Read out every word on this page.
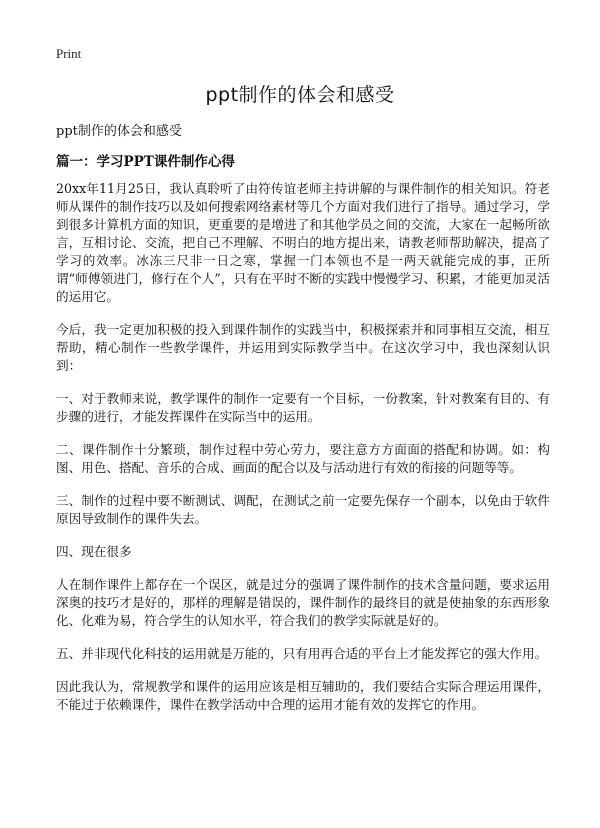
Print
ppt制作的体会和感受

ppt制作的体会和感受

篇一：学习PPT课件制作心得

20xx年11月25日，我认真聆听了由符传谊老师主持讲解的与课件制作的相关知识。符老师从课件的制作技巧以及如何搜索网络素材等几个方面对我们进行了指导。通过学习，学到很多计算机方面的知识，更重要的是增进了和其他学员之间的交流，大家在一起畅所欲言，互相讨论、交流，把自己不理解、不明白的地方提出来，请教老师帮助解决，提高了学习的效率。冰冻三尺非一日之寒，掌握一门本领也不是一两天就能完成的事，正所谓“师傅领进门，修行在个人”，只有在平时不断的实践中慢慢学习、积累，才能更加灵活的运用它。

今后，我一定更加积极的投入到课件制作的实践当中，积极探索并和同事相互交流，相互帮助，精心制作一些教学课件，并运用到实际教学当中。在这次学习中，我也深刻认识到：

一、对于教师来说，教学课件的制作一定要有一个目标，一份教案，针对教案有目的、有步骤的进行，才能发挥课件在实际当中的运用。

二、课件制作十分繁琐，制作过程中劳心劳力，要注意方方面面的搭配和协调。如：构图、用色、搭配、音乐的合成、画面的配合以及与活动进行有效的衔接的问题等等。

三、制作的过程中要不断测试、调配，在测试之前一定要先保存一个副本，以免由于软件原因导致制作的课件失去。

四、现在很多

人在制作课件上都存在一个误区，就是过分的强调了课件制作的技术含量问题，要求运用深奥的技巧才是好的，那样的理解是错误的，课件制作的最终目的就是使抽象的东西形象化、化难为易，符合学生的认知水平，符合我们的教学实际就是好的。

五、并非现代化科技的运用就是万能的，只有用再合适的平台上才能发挥它的强大作用。

因此我认为，常规教学和课件的运用应该是相互辅助的，我们要结合实际合理运用课件，不能过于依赖课件，课件在教学活动中合理的运用才能有效的发挥它的作用。
